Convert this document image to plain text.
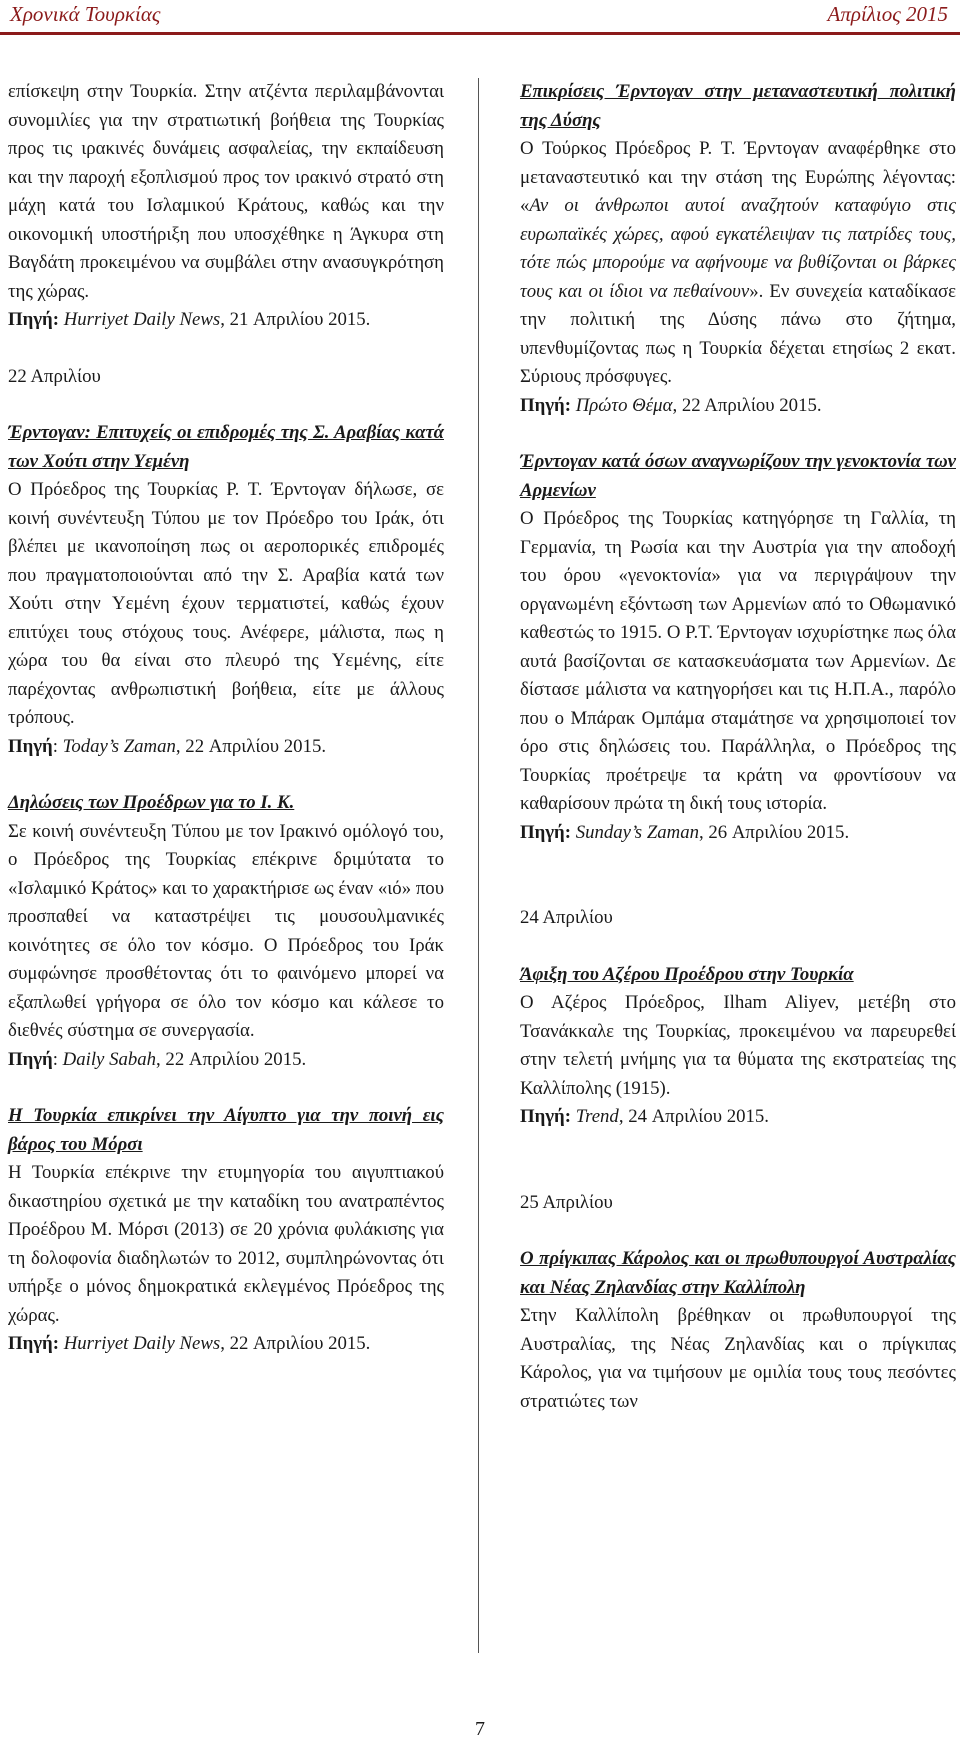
Χρονικά Τουρκίας	Απρίλιος 2015

επίσκεψη στην Τουρκία. Στην ατζέντα περιλαμβάνονται συνομιλίες για την στρατιωτική βοήθεια της Τουρκίας προς τις ιρακινές δυνάμεις ασφαλείας, την εκπαίδευση και την παροχή εξοπλισμού προς τον ιρακινό στρατό στη μάχη κατά του Ισλαμικού Κράτους, καθώς και την οικονομική υποστήριξη που υποσχέθηκε η Άγκυρα στη Βαγδάτη προκειμένου να συμβάλει στην ανασυγκρότηση της χώρας.

Πηγή: Hurriyet Daily News, 21 Απριλίου 2015.

22 Απριλίου

Έρντογαν: Επιτυχείς οι επιδρομές της Σ. Αραβίας κατά των Χούτι στην Υεμένη

Ο Πρόεδρος της Τουρκίας Ρ. Τ. Έρντογαν δήλωσε, σε κοινή συνέντευξη Τύπου με τον Πρόεδρο του Ιράκ, ότι βλέπει με ικανοποίηση πως οι αεροπορικές επιδρομές που πραγματοποιούνται από την Σ. Αραβία κατά των Χούτι στην Υεμένη έχουν τερματιστεί, καθώς έχουν επιτύχει τους στόχους τους. Ανέφερε, μάλιστα, πως η χώρα του θα είναι στο πλευρό της Υεμένης, είτε παρέχοντας ανθρωπιστική βοήθεια, είτε με άλλους τρόπους.

Πηγή: Today’s Zaman, 22 Απριλίου 2015.

Δηλώσεις των Προέδρων για το Ι. Κ.

Σε κοινή συνέντευξη Τύπου με τον Ιρακινό ομόλογό του, ο Πρόεδρος της Τουρκίας επέκρινε δριμύτατα το «Ισλαμικό Κράτος» και το χαρακτήρισε ως έναν «ιό» που προσπαθεί να καταστρέψει τις μουσουλμανικές κοινότητες σε όλο τον κόσμο. Ο Πρόεδρος του Ιράκ συμφώνησε προσθέτοντας ότι το φαινόμενο μπορεί να εξαπλωθεί γρήγορα σε όλο τον κόσμο και κάλεσε το διεθνές σύστημα σε συνεργασία.

Πηγή: Daily Sabah, 22 Απριλίου 2015.

Η Τουρκία επικρίνει την Αίγυπτο για την ποινή εις βάρος του Μόρσι

Η Τουρκία επέκρινε την ετυμηγορία του αιγυπτιακού δικαστηρίου σχετικά με την καταδίκη του ανατραπέντος Προέδρου Μ. Μόρσι (2013) σε 20 χρόνια φυλάκισης για τη δολοφονία διαδηλωτών το 2012, συμπληρώνοντας ότι υπήρξε ο μόνος δημοκρατικά εκλεγμένος Πρόεδρος της χώρας.

Πηγή: Hurriyet Daily News, 22 Απριλίου 2015.

Επικρίσεις Έρντογαν στην μεταναστευτική πολιτική της Δύσης

Ο Τούρκος Πρόεδρος Ρ. Τ. Έρντογαν αναφέρθηκε στο μεταναστευτικό και την στάση της Ευρώπης λέγοντας: «Αν οι άνθρωποι αυτοί αναζητούν καταφύγιο στις ευρωπαϊκές χώρες, αφού εγκατέλειψαν τις πατρίδες τους, τότε πώς μπορούμε να αφήνουμε να βυθίζονται οι βάρκες τους και οι ίδιοι να πεθαίνουν». Εν συνεχεία καταδίκασε την πολιτική της Δύσης πάνω στο ζήτημα, υπενθυμίζοντας πως η Τουρκία δέχεται ετησίως 2 εκατ. Σύριους πρόσφυγες.

Πηγή: Πρώτο Θέμα, 22 Απριλίου 2015.

Έρντογαν κατά όσων αναγνωρίζουν την γενοκτονία των Αρμενίων

Ο Πρόεδρος της Τουρκίας κατηγόρησε τη Γαλλία, τη Γερμανία, τη Ρωσία και την Αυστρία για την αποδοχή του όρου «γενοκτονία» για να περιγράψουν την οργανωμένη εξόντωση των Αρμενίων από το Οθωμανικό καθεστώς το 1915. Ο Ρ.Τ. Έρντογαν ισχυρίστηκε πως όλα αυτά βασίζονται σε κατασκευάσματα των Αρμενίων. Δε δίστασε μάλιστα να κατηγορήσει και τις Η.Π.Α., παρόλο που ο Μπάρακ Ομπάμα σταμάτησε να χρησιμοποιεί τον όρο στις δηλώσεις του. Παράλληλα, ο Πρόεδρος της Τουρκίας προέτρεψε τα κράτη να φροντίσουν να καθαρίσουν πρώτα τη δική τους ιστορία.

Πηγή: Sunday’s Zaman, 26 Απριλίου 2015.

24 Απριλίου

Άφιξη του Αζέρου Προέδρου στην Τουρκία

Ο Αζέρος Πρόεδρος, Ilham Aliyev, μετέβη στο Τσανάκκαλε της Τουρκίας, προκειμένου να παρευρεθεί στην τελετή μνήμης για τα θύματα της εκστρατείας της Καλλίπολης (1915).

Πηγή: Trend, 24 Απριλίου 2015.

25 Απριλίου

Ο πρίγκιπας Κάρολος και οι πρωθυπουργοί Αυστραλίας και Νέας Ζηλανδίας στην Καλλίπολη

Στην Καλλίπολη βρέθηκαν οι πρωθυπουργοί της Αυστραλίας, της Νέας Ζηλανδίας και ο πρίγκιπας Κάρολος, για να τιμήσουν με ομιλία τους τους πεσόντες στρατιώτες των

7
